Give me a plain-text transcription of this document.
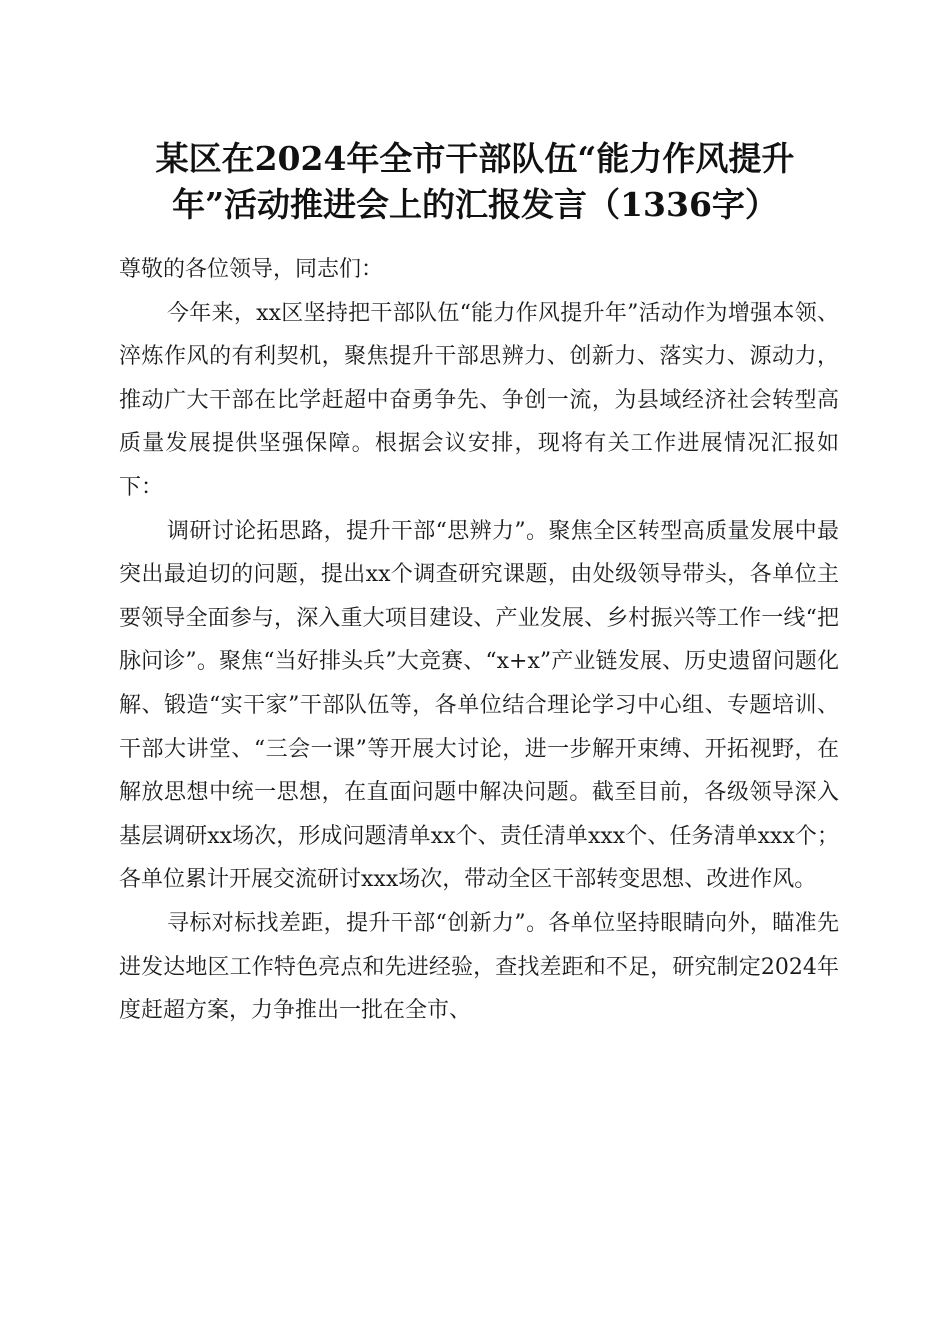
某区在2024年全市干部队伍“能力作风提升
年”活动推进会上的汇报发言（1336字）

尊敬的各位领导，同志们：

今年来，xx区坚持把干部队伍“能力作风提升年”活动作为增强本领、淬炼作风的有利契机，聚焦提升干部思辨力、创新力、落实力、源动力，推动广大干部在比学赶超中奋勇争先、争创一流，为县域经济社会转型高质量发展提供坚强保障。根据会议安排，现将有关工作进展情况汇报如下：

调研讨论拓思路，提升干部“思辨力”。聚焦全区转型高质量发展中最突出最迫切的问题，提出xx个调查研究课题，由处级领导带头，各单位主要领导全面参与，深入重大项目建设、产业发展、乡村振兴等工作一线“把脉问诊”。聚焦“当好排头兵”大竞赛、“x+x”产业链发展、历史遗留问题化解、锻造“实干家”干部队伍等，各单位结合理论学习中心组、专题培训、干部大讲堂、“三会一课”等开展大讨论，进一步解开束缚、开拓视野，在解放思想中统一思想，在直面问题中解决问题。截至目前，各级领导深入基层调研xx场次，形成问题清单xx个、责任清单xxx个、任务清单xxx个；各单位累计开展交流研讨xxx场次，带动全区干部转变思想、改进作风。

寻标对标找差距，提升干部“创新力”。各单位坚持眼睛向外，瞄准先进发达地区工作特色亮点和先进经验，查找差距和不足，研究制定2024年度赶超方案，力争推出一批在全市、
